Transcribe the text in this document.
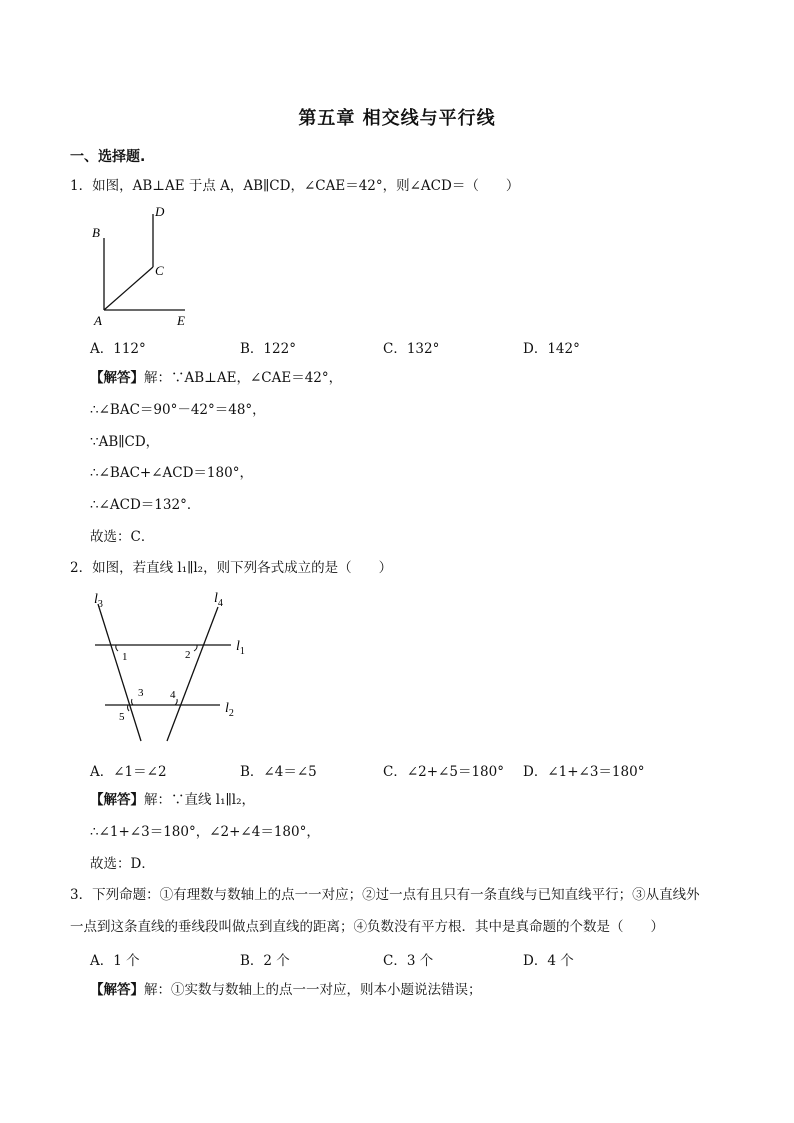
第五章 相交线与平行线
一、选择题.
1．如图，AB⊥AE 于点 A，AB∥CD，∠CAE＝42°，则∠ACD＝（　　）
B
D
C
A	E
A．112°	B．122°	C．132°	D．142°
【解答】解：∵AB⊥AE，∠CAE＝42°，
∴∠BAC＝90°－42°＝48°，
∵AB∥CD，
∴∠BAC+∠ACD＝180°，
∴∠ACD＝132°．
故选：C．
2．如图，若直线 l₁∥l₂，则下列各式成立的是（　　）
$l_3$	$l_4$
$l_1$
$l_2$
1	2
3 4
5
A．∠1＝∠2	B．∠4＝∠5	C．∠2+∠5＝180° D．∠1+∠3＝180°
【解答】解：∵直线 l₁∥l₂，
∴∠1+∠3＝180°，∠2+∠4＝180°，
故选：D．
3．下列命题：①有理数与数轴上的点一一对应；②过一点有且只有一条直线与已知直线平行；③从直线外
一点到这条直线的垂线段叫做点到直线的距离；④负数没有平方根．其中是真命题的个数是（　　）
A．1 个	B．2 个	C．3 个	D．4 个
【解答】解：①实数与数轴上的点一一对应，则本小题说法错误；
